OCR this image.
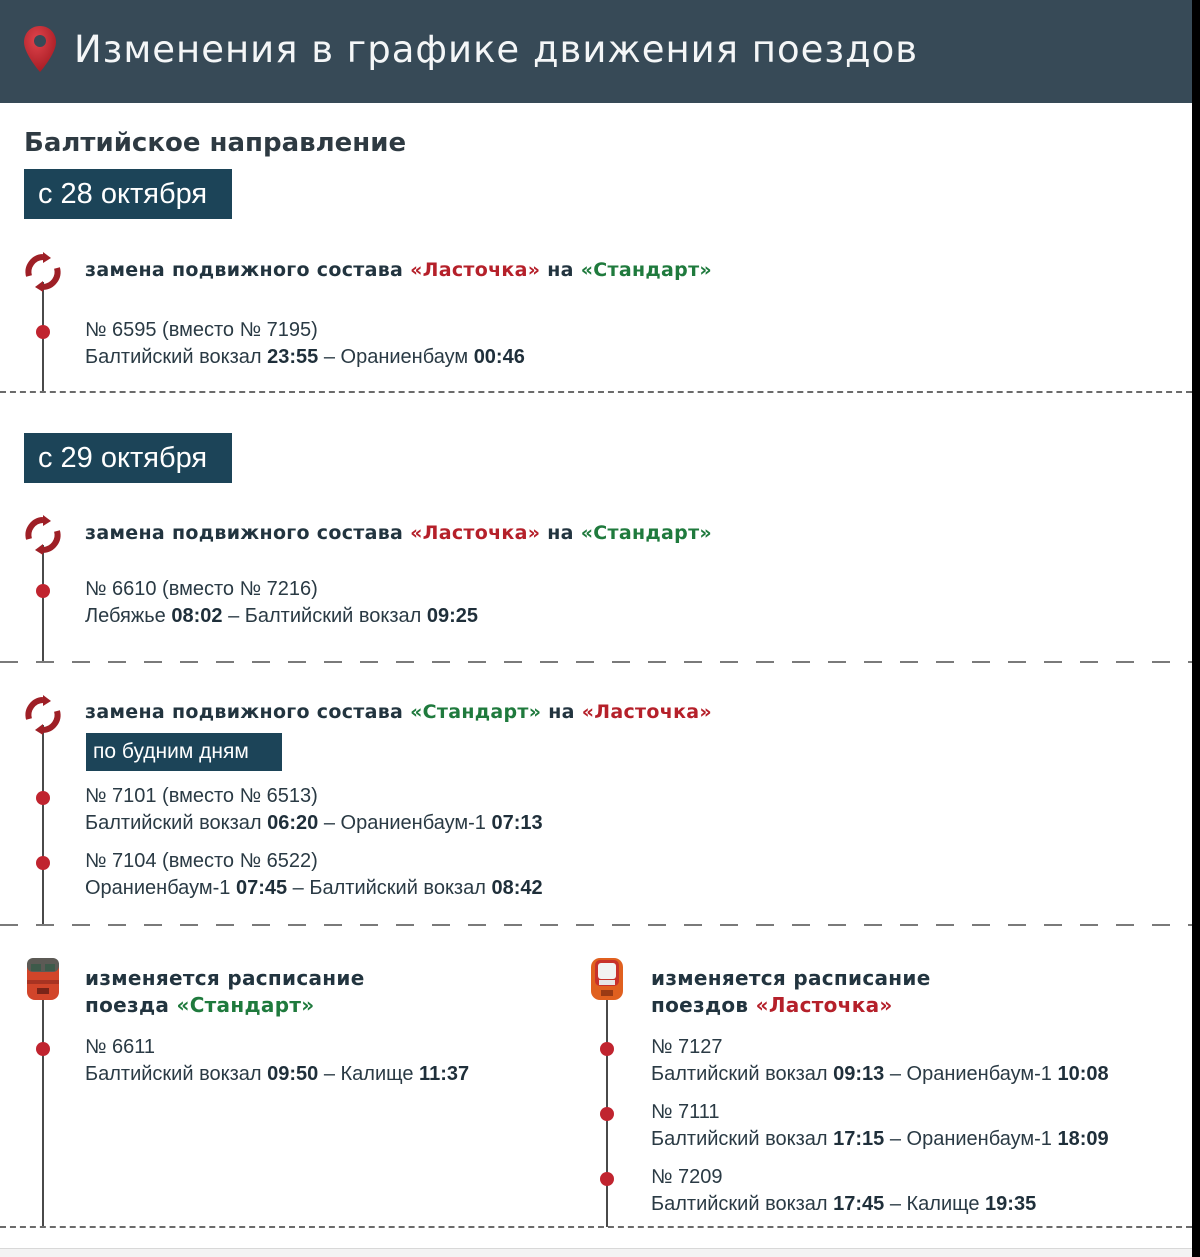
Изменения в графике движения поездов
Балтийское направление
с 28 октября
замена подвижного состава «Ласточка» на «Стандарт»
№ 6595 (вместо № 7195)
Балтийский вокзал 23:55 – Ораниенбаум 00:46
с 29 октября
замена подвижного состава «Ласточка» на «Стандарт»
№ 6610 (вместо № 7216)
Лебяжье 08:02 – Балтийский вокзал 09:25
замена подвижного состава «Стандарт» на «Ласточка»
по будним дням
№ 7101 (вместо № 6513)
Балтийский вокзал 06:20 – Ораниенбаум-1 07:13
№ 7104 (вместо № 6522)
Ораниенбаум-1 07:45 – Балтийский вокзал 08:42
изменяется расписание
поезда «Стандарт»
№ 6611
Балтийский вокзал 09:50 – Калище 11:37
изменяется расписание
поездов «Ласточка»
№ 7127
Балтийский вокзал 09:13 – Ораниенбаум-1 10:08
№ 7111
Балтийский вокзал 17:15 – Ораниенбаум-1 18:09
№ 7209
Балтийский вокзал 17:45 – Калище 19:35
